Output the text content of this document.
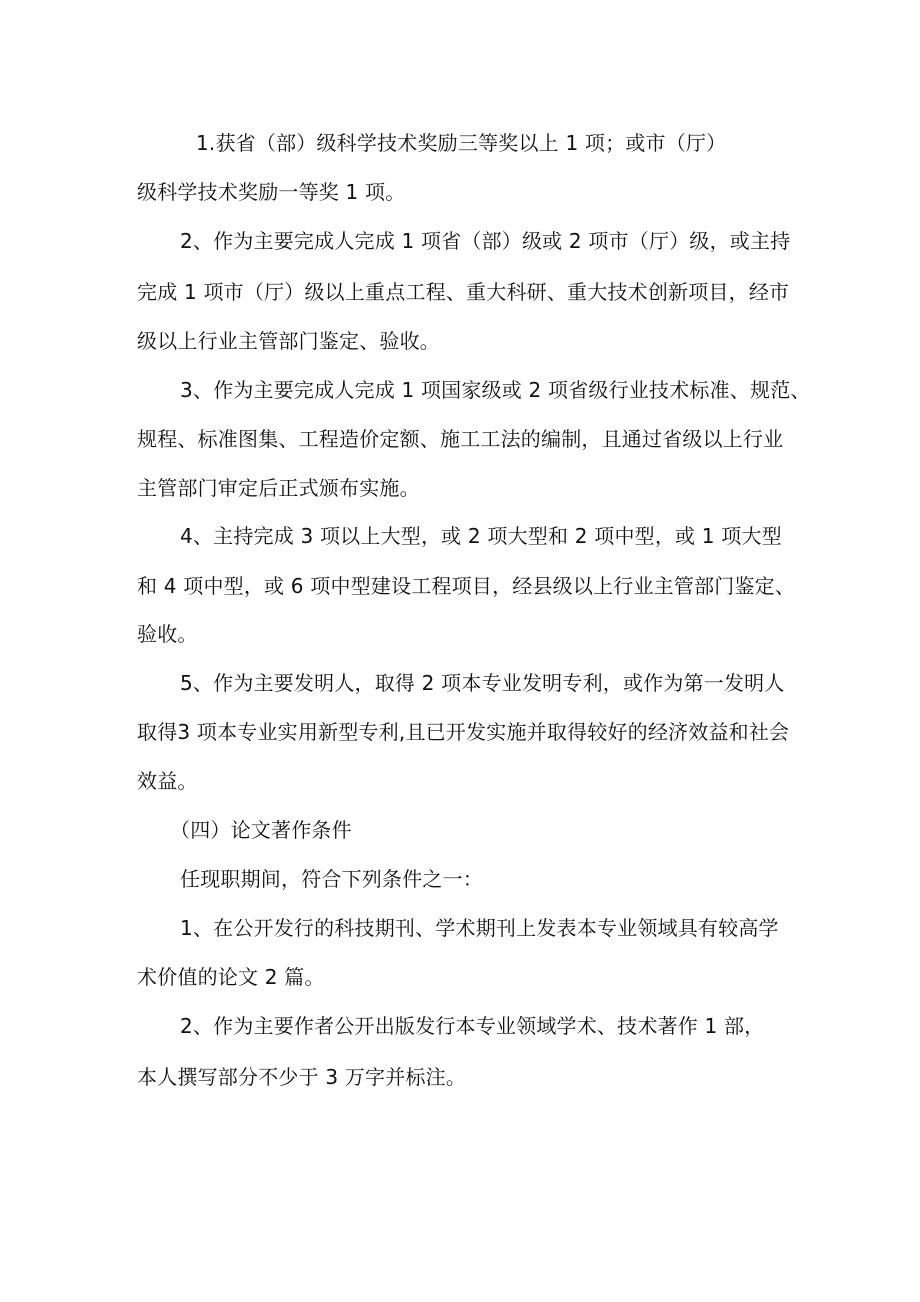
1.获省（部）级科学技术奖励三等奖以上 1 项；或市（厅）
级科学技术奖励一等奖 1 项。
2、作为主要完成人完成 1 项省（部）级或 2 项市（厅）级，或主持
完成 1 项市（厅）级以上重点工程、重大科研、重大技术创新项目，经市
级以上行业主管部门鉴定、验收。
3、作为主要完成人完成 1 项国家级或 2 项省级行业技术标准、规范、
规程、标准图集、工程造价定额、施工工法的编制，且通过省级以上行业
主管部门审定后正式颁布实施。
4、主持完成 3 项以上大型，或 2 项大型和 2 项中型，或 1 项大型
和 4 项中型，或 6 项中型建设工程项目，经县级以上行业主管部门鉴定、
验收。
5、作为主要发明人，取得 2 项本专业发明专利，或作为第一发明人
取得3 项本专业实用新型专利,且已开发实施并取得较好的经济效益和社会
效益。
（四）论文著作条件
任现职期间，符合下列条件之一：
1、在公开发行的科技期刊、学术期刊上发表本专业领域具有较高学
术价值的论文 2 篇。
2、作为主要作者公开出版发行本专业领域学术、技术著作 1 部，
本人撰写部分不少于 3 万字并标注。
